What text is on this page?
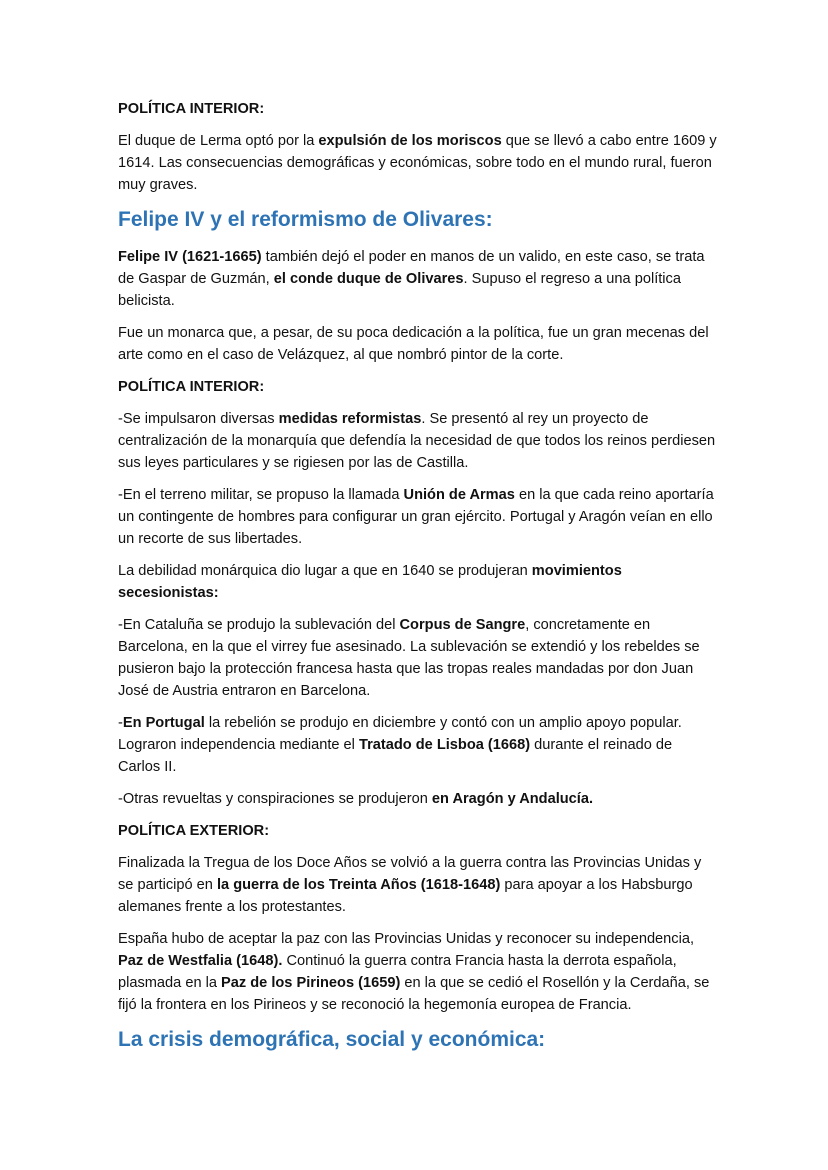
POLÍTICA INTERIOR:

El duque de Lerma optó por la expulsión de los moriscos que se llevó a cabo entre 1609 y 1614. Las consecuencias demográficas y económicas, sobre todo en el mundo rural, fueron muy graves.

Felipe IV y el reformismo de Olivares:

Felipe IV (1621-1665) también dejó el poder en manos de un valido, en este caso, se trata de Gaspar de Guzmán, el conde duque de Olivares. Supuso el regreso a una política belicista.

Fue un monarca que, a pesar, de su poca dedicación a la política, fue un gran mecenas del arte como en el caso de Velázquez, al que nombró pintor de la corte.

POLÍTICA INTERIOR:

-Se impulsaron diversas medidas reformistas. Se presentó al rey un proyecto de centralización de la monarquía que defendía la necesidad de que todos los reinos perdiesen sus leyes particulares y se rigiesen por las de Castilla.

-En el terreno militar, se propuso la llamada Unión de Armas en la que cada reino aportaría un contingente de hombres para configurar un gran ejército. Portugal y Aragón veían en ello un recorte de sus libertades.

La debilidad monárquica dio lugar a que en 1640 se produjeran movimientos secesionistas:

-En Cataluña se produjo la sublevación del Corpus de Sangre, concretamente en Barcelona, en la que el virrey fue asesinado. La sublevación se extendió y los rebeldes se pusieron bajo la protección francesa hasta que las tropas reales mandadas por don Juan José de Austria entraron en Barcelona.

-En Portugal la rebelión se produjo en diciembre y contó con un amplio apoyo popular. Lograron independencia mediante el Tratado de Lisboa (1668) durante el reinado de Carlos II.

-Otras revueltas y conspiraciones se produjeron en Aragón y Andalucía.

POLÍTICA EXTERIOR:

Finalizada la Tregua de los Doce Años se volvió a la guerra contra las Provincias Unidas y se participó en la guerra de los Treinta Años (1618-1648) para apoyar a los Habsburgo alemanes frente a los protestantes.

España hubo de aceptar la paz con las Provincias Unidas y reconocer su independencia, Paz de Westfalia (1648). Continuó la guerra contra Francia hasta la derrota española, plasmada en la Paz de los Pirineos (1659) en la que se cedió el Rosellón y la Cerdaña, se fijó la frontera en los Pirineos y se reconoció la hegemonía europea de Francia.

La crisis demográfica, social y económica:
